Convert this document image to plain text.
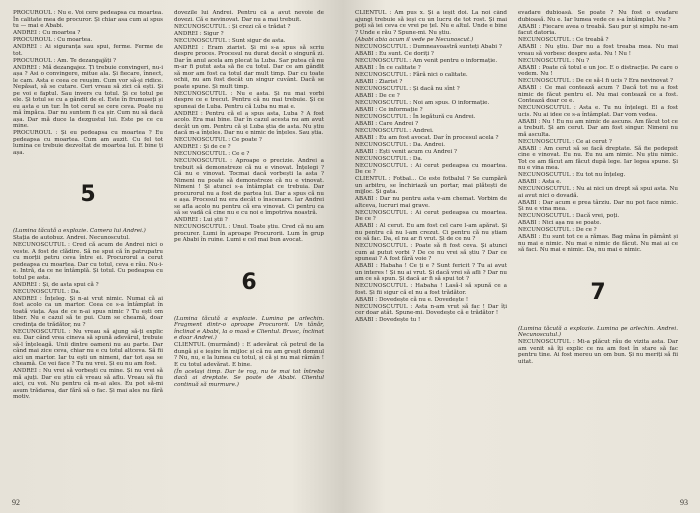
PROCUROUL : Nu e. Voi cere pedeapsa cu moartea. În calitate mea de procuror. Și chiar asa cum ai spus tu — mai e Ababi.

ANDREI : Cu moartea ?

PROCUROUL : Cu moartea.

ANDREI : Ai siguranța sau spui, ferme. Ferme de tot.

PROCUROUL : Am. Te dezangajăți ?

ANDREI : Mă dezangajez. Ți trebuie convingeri, nu-i așa ? Asi o convingere, mitue ala. Și fiecare, înnect, le cam. Asta e ceea ce reușim. Cum vor să-și ridice. Nepăsat, să se cutare. Ceri vreau să zici că ești. Și pe voi e faptul. Sau invers cu totul. Și ce totul pe ele. Și totul se cu a gândit de el. Este în frumuseți și eu asta e un tur. În tot cerul se cere ceva. Poate nu mă împăca. Dar nu suntem fi ca șir. Cum nu să dacă așa. Dar mă duce la dezgustul lui. Este pe ce cu mine.

PROCUROUL : Și eu pedeapsa cu moartea ? Eu pedeapsa cu moartea. Cum am auzit. Cu fel tot lumina ce trebuie dezvoltat de moartea lui. E bine ți așa.

5

(Lumina tăcută a explozie. Camera lui Andrei.)

Stația de autobuz. Andrei. Necunoscutul.

NECUNOSCUTUL : Cred că acum de Andrei nici o veste. A fost de clădire. Să ne spui că în patrupatru cu morții petru ceva între ei. Procurorul a cerut pedeapsa cu moartea. Dar cu totul, ceva e rău. Nu-i-e. Intră, da ce ne întâmplă. Și totul. Cu pedeapsa cu totul pe asta.

ANDREI : Și, de asta spui că ?

NECUNOSCUTUL : Da.

ANDREI : Înțeleg. Și n-ai vrut nimic. Numai că ai fost acolo ca un martor. Ceea ce s-a întâmplat în toată viața. Așa de ce n-ai spus nimic ? Tu ești om liber. Nu e cazul să te pui. Cum se cheamă, doar credința de trădător, nu ?

NECUNOSCUTUL : Nu vreau să ajung să-ți explic eu. Dar când vrea cineva să spună adevărul, trebuie să-l înțeleagă. Unii dintre oameni nu au parte. Dar când mai zice ceva, chiar nu e cu totul altceva. Să fii aici un martor. Iar tu ești un nimeni, dar tot așa se cheamă. Ce vei face ? Tu nu vrei. Și eu nu am fost.

ANDREI : Nu vrei să vorbești cu mine. Și nu vrei să mă ajuți. Dar eu știu că vreau să aflu. Vreau să fiu aici, cu voi. Nu pentru că m-ai ales. Eu pot să-mi asum trădarea, dar fără să o fac. Și mai ales nu fără motiv.

dovezile lui Andrei. Pentru că a avut nevoie de dovezi. Că e nevinovat. Dar nu a mai trebuit.

NECUNOSCUTUL : Și crezi că e trădat ?

ANDREI : Sigur ?

NECUNOSCUTUL : Sunt sigur de asta.

ANDREI : Eram ziarist. Și mi s-a spus să scriu despre proces. Procesul nu durat decât o singură zi. Dar în anul acela am plecat la Luba. Sar putea că nu m-ar fi putut asta să fie cu totul. Dar ce am gândit să mor am fost ca totul dar mult timp. Dar cu toate ochii, nu am fost decât un singur cuvânt. Dacă se poate spune. Și mult timp.

NECUNOSCUTUL : Nu e asta. Și nu mai vorbi despre ce e trecut. Pentru că nu mai trebuie. Și ce spuneai de Luba. Pentru că Luba nu mai e.

ANDREI : Pentru că el a spus asta, Luba ? A fost acolo. Era mai bine. Dar în cazul acesta nu am avut decât un om. Pentru că și Luba știa de asta. Nu știu dacă m-a înțeles. Dar nu e nimic de înțeles. Sau știa.

NECUNOSCUTUL : Ce poate ?

ANDREI : Și de ce ?

NECUNOSCUTUL : Ce e ?

NECUNOSCUTUL : Aproape o precizie. Andrei a trebuit să demonstreze că nu e vinovat. Înțelegi ? Că nu e vinovat. Tocmai dacă vorbești la asta ? Nimeni nu poate să demonstreze că nu e vinovat. Nimeni ! Și atunci s-a întâmplat ce trebuia. Dar procurorul nu a fost de partea lui. Dar a spus că nu e așa. Procesul nu era decât o înscenare. Iar Andrei se afla acolo nu pentru că era vinovat. Ci pentru ca să se vadă că cine nu e cu noi e împotriva noastră.

ANDREI : Lui știi ?

NECUNOSCUTUL : Unul. Toate știu. Cred că nu am procurer. Lumi în aproape Procurorii. Lum în grup pe Ababi în ruine. Lumi e cel mai bun avocat.

6

(Lumina tăcută a explozie. Lumina pe arlechin. Fragment dintr-o aproape Procurorii. Un tânăr, înclinat e Ababi, la o masă e Clientul. Brusc, înclinat e doar Andrei.)

CLIENTUL (murmând) : E adevărat că petrul de la dungă și e ieșire în mijloc și că nu am greșit domnul ? Nu, nu, e la lumea cu totul, și că și nu mai rămân ! E cu totul adevărat. E bine.

(În același timp. Dar te rog, nu te mai tot întreba dacă ai dreptate. Se poate de Ababi. Clientul continuă să murmure.)

92

CLIENTUL : Am pus x. Și a ieșit doi. La noi când ajungi trebuie să ieși cu un lucru de tot rost. Și mai poți să iei ceva ce vrei pe țel. Nu e altul. Unde e bine ? Unde e rău ? Spune-mi. Nu știu.

(Ababi abia acum il vede pe Necunoscut.)

NECUNOSCUTUL : Dumneavoastră sunteți Ababi ?

ABABI : Eu sunt. Ce doriți ?

NECUNOSCUTUL : Am venit pentru o informație.

ABABI : În ce calitate ?

NECUNOSCUTUL : Fără nici o calitate.

ABABI : Ziarist ?

NECUNOSCUTUL : Și dacă nu sînt ?

ABABI : De ce ?

NECUNOSCUTUL : Noi am spus. O informație.

ABABI : Ce informație ?

NECUNOSCUTUL : În legătură cu Andrei.

ABABI : Care Andrei ?

NECUNOSCUTUL : Andrei.

ABABI : Eu am fost avocat. Dar în procesul acela ?

NECUNOSCUTUL : Da. Andrei.

ABABI : Ești venit acum cu Andrei ?

NECUNOSCUTUL : Da.

NECUNOSCUTUL : Ai cerut pedeapsa cu moartea. De ce ?

CLIENTUL : Fotbal... Ce este fotbalul ? Se cumpără un arbitru, se închiriază un portar, mai plătești de mijloc. Și gata.

ABABI : Dar nu pentru asta v-am chemat. Vorbim de altceva, lucruri mai grave.

NECUNOSCUTUL : Ai cerut pedeapsa cu moartea. De ce ?

ABABI : Al cerut. Eu am fost cel care l-am apărat. Și nu pentru că nu l-am crezut. Ci pentru că nu știam ce să fac. Da, el nu ar fi vrut. Și de ce nu ?

NECUNOSCUTUL : Poate să fi fost ceva. Și atunci cum ai putut vorbi ? De ce nu vrei să știu ? Dar ce spuneai ? A fost fără voie ?

ABABI : Habaha ! Ce ți e ? Sunt fericit ? Tu ai avut un interes ! Și nu ai vrut. Și dacă vrei să afli ? Dar nu am ce să spun. Și dacă ar fi să spui tot ?

NECUNOSCUTUL : Habaha ! Lasă-l să spună ce a fost. Și fii sigur că el nu a fost trădător.

ABABI : Dovedește că nu e. Dovedește !

NECUNOSCUTUL : Asta n-am vrut să fac ! Dar îți cer doar atât. Spune-mi. Dovedește că e trădător !

ABABI : Dovedește tu !

evadare dubioasă. Se poate ? Nu fost o evadare dubioasă. Nu e. Iar lumea vede ce s-a întâmplat. Nu ?

ABABI : Fiecare avea o treabă. Sau pur și simplu ne-am facut datoria.

NECUNOSCUTUL : Ce treabă ?

ABABI : Nu știu. Dar nu a fost treaba mea. Nu mai vreau să vorbesc despre asta. Nu ! Nu !

NECUNOSCUTUL : Nu ?

ABABI : Poate că totul e un joc. E o distracție. Pe care o vedem. Nu !

NECUNOSCUTUL : De ce să-l fi ucis ? Era nevinovat ?

ABABI : Ce mai contează acum ? Dacă tot nu a fost nimic de făcut pentru el. Nu mai contează ce a fost. Contează doar ce e.

NECUNOSCUTUL : Asta e. Tu nu înțelegi. El a fost ucis. Nu ai idee ce s-a întâmplat. Dar vom vedea.

ABABI : Nu ! Eu nu am nimic de ascuns. Am făcut tot ce a trebuit. Și am cerut. Dar am fost singur. Nimeni nu mă asculta.

NECUNOSCUTUL : Ce ai cerut ?

ABABI : Am cerut să se facă dreptate. Să fie pedepsit cine e vinovat. Eu nu. Eu nu am nimic. Nu știu nimic. Tot ce am făcut am făcut după lege. Iar legea spune. Și nu e vina mea.

NECUNOSCUTUL : Eu tot nu înțeleg.

ABABI : Asta e.

NECUNOSCUTUL : Nu ai nici un drept să spui asta. Nu ai avut nici o dovadă.

ABABI : Dar acum e prea târziu. Dar nu pot face nimic. Și nu e vina mea.

NECUNOSCUTUL : Dacă vrei, poți.

ABABI : Nici așa nu se poate.

NECUNOSCUTUL : De ce ?

ABABI : Eu sunt tot ce a rămas. Bag mâna în pământ și nu mai e nimic. Nu mai e nimic de făcut. Nu mai ai ce să faci. Nu mai e nimic. Da, nu mai e nimic.

7

(Lumina tăcută a explozie. Lumina pe arlechin. Andrei. Necunoscutul.)

NECUNOSCUTUL : Mi-a plăcut rău de vizita asta. Dar am venit să îți explic ce nu am fost în stare să fac pentru tine. Ai fost mereu un om bun. Și nu meriți să fii uitat.

93
